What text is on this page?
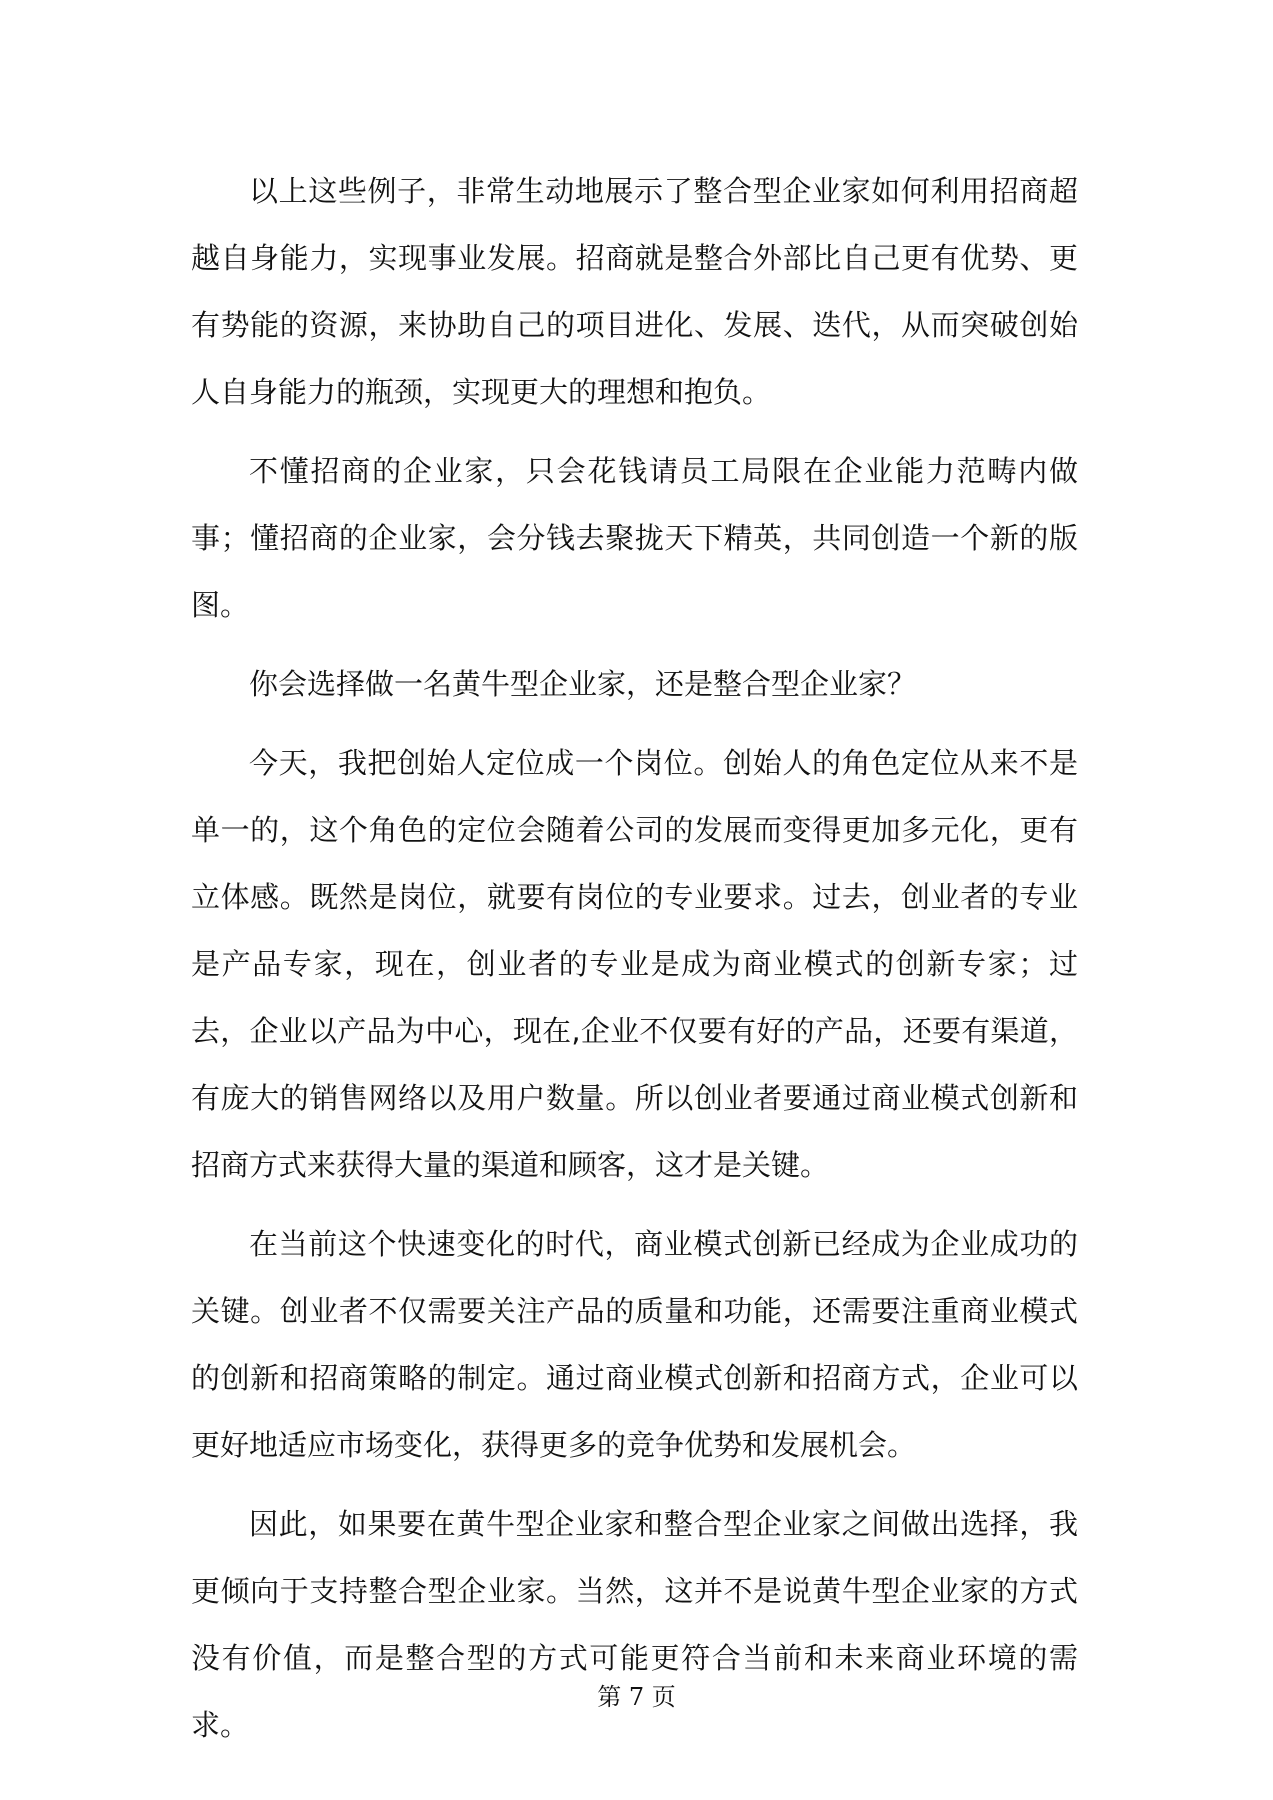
以上这些例子，非常生动地展示了整合型企业家如何利用招商超越自身能力，实现事业发展。招商就是整合外部比自己更有优势、更有势能的资源，来协助自己的项目进化、发展、迭代，从而突破创始人自身能力的瓶颈，实现更大的理想和抱负。

不懂招商的企业家，只会花钱请员工局限在企业能力范畴内做事；懂招商的企业家，会分钱去聚拢天下精英，共同创造一个新的版图。

你会选择做一名黄牛型企业家，还是整合型企业家？

今天，我把创始人定位成一个岗位。创始人的角色定位从来不是单一的，这个角色的定位会随着公司的发展而变得更加多元化，更有立体感。既然是岗位，就要有岗位的专业要求。过去，创业者的专业是产品专家，现在，创业者的专业是成为商业模式的创新专家；过去，企业以产品为中心，现在,企业不仅要有好的产品，还要有渠道，有庞大的销售网络以及用户数量。所以创业者要通过商业模式创新和招商方式来获得大量的渠道和顾客，这才是关键。

在当前这个快速变化的时代，商业模式创新已经成为企业成功的关键。创业者不仅需要关注产品的质量和功能，还需要注重商业模式的创新和招商策略的制定。通过商业模式创新和招商方式，企业可以更好地适应市场变化，获得更多的竞争优势和发展机会。

因此，如果要在黄牛型企业家和整合型企业家之间做出选择，我更倾向于支持整合型企业家。当然，这并不是说黄牛型企业家的方式没有价值，而是整合型的方式可能更符合当前和未来商业环境的需求。

第 7 页
